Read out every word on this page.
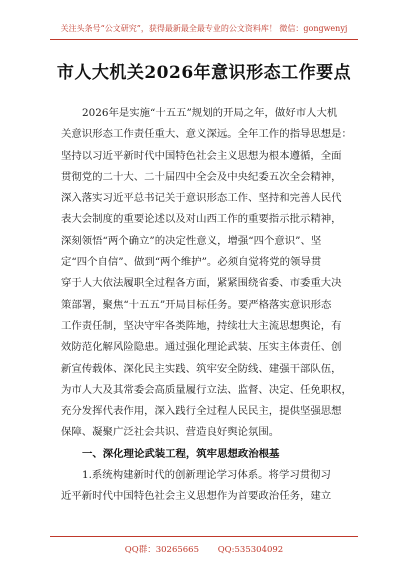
关注头条号“公文研究”，获得最新最全最专业的公文资料库！ 微信：gongwenyj
市人大机关2026年意识形态工作要点
2026年是实施“十五五”规划的开局之年，做好市人大机
关意识形态工作责任重大、意义深远。全年工作的指导思想是：
坚持以习近平新时代中国特色社会主义思想为根本遵循，全面
贯彻党的二十大、二十届四中全会及中央纪委五次全会精神，
深入落实习近平总书记关于意识形态工作、坚持和完善人民代
表大会制度的重要论述以及对山西工作的重要指示批示精神，
深刻领悟“两个确立”的决定性意义，增强“四个意识”、坚
定“四个自信”、做到“两个维护”。必须自觉将党的领导贯
穿于人大依法履职全过程各方面，紧紧围绕省委、市委重大决
策部署，聚焦“十五五”开局目标任务。要严格落实意识形态
工作责任制，坚决守牢各类阵地，持续壮大主流思想舆论，有
效防范化解风险隐患。通过强化理论武装、压实主体责任、创
新宣传载体、深化民主实践、筑牢安全防线、建强干部队伍，
为市人大及其常委会高质量履行立法、监督、决定、任免职权，
充分发挥代表作用，深入践行全过程人民民主，提供坚强思想
保障、凝聚广泛社会共识、营造良好舆论氛围。
一、深化理论武装工程，筑牢思想政治根基
1.系统构建新时代的创新理论学习体系。将学习贯彻习
近平新时代中国特色社会主义思想作为首要政治任务，建立
QQ群：30265665 QQ:535304092
